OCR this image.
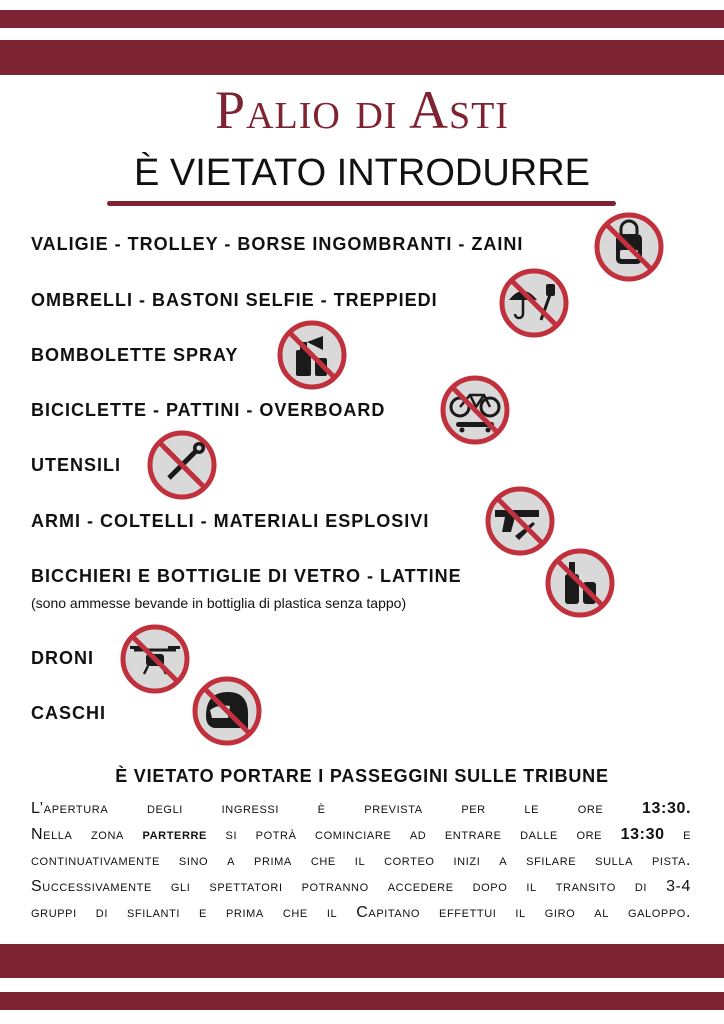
Palio di Asti
È VIETATO INTRODURRE
VALIGIE - TROLLEY - BORSE INGOMBRANTI - ZAINI
OMBRELLI - BASTONI SELFIE - TREPPIEDI
BOMBOLETTE SPRAY
BICICLETTE - PATTINI - OVERBOARD
UTENSILI
ARMI - COLTELLI - MATERIALI ESPLOSIVI
BICCHIERI E BOTTIGLIE DI VETRO - LATTINE
(sono ammesse bevande in bottiglia di plastica senza tappo)
DRONI
CASCHI
È VIETATO PORTARE I PASSEGGINI SULLE TRIBUNE
L’apertura degli ingressi è prevista per le ore 13:30.
Nella zona parterre si potrà cominciare ad entrare dalle ore 13:30 e
continuativamente sino a prima che il corteo inizi a sfilare sulla pista.
Successivamente gli spettatori potranno accedere dopo il transito di 3-4
gruppi di sfilanti e prima che il Capitano effettui il giro al galoppo.
